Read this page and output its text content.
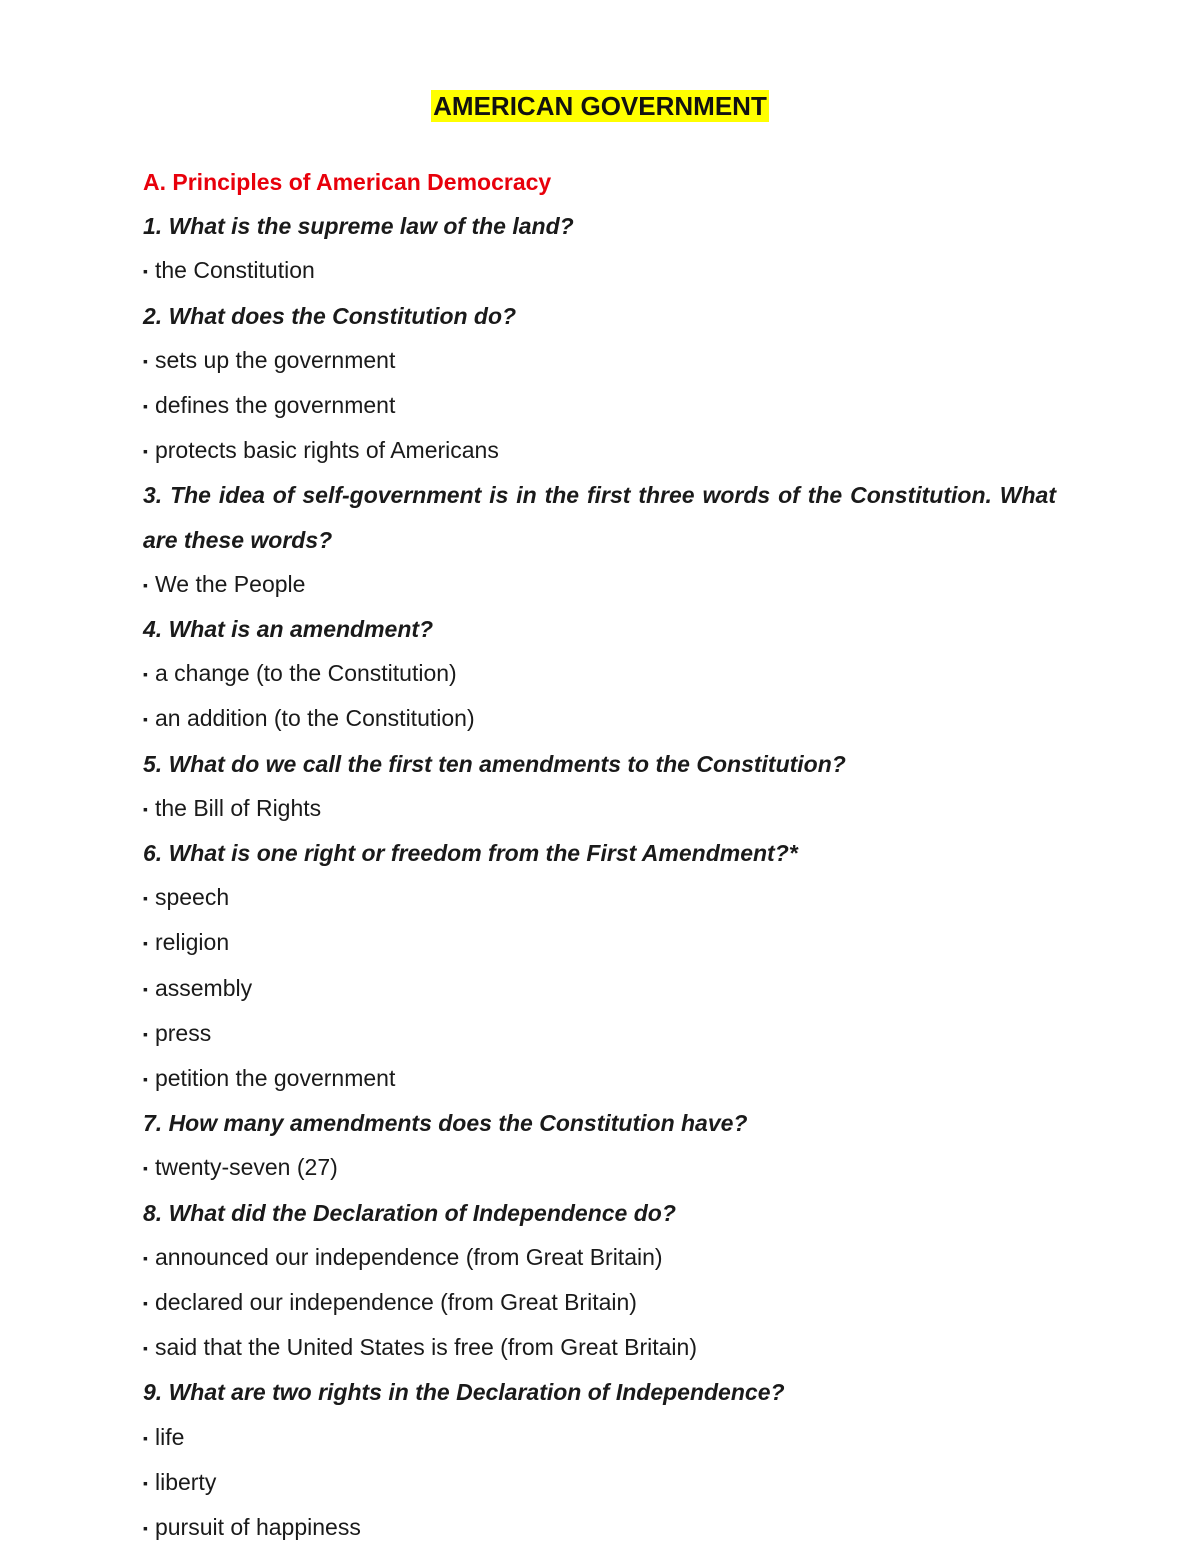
AMERICAN GOVERNMENT
A. Principles of American Democracy
1. What is the supreme law of the land?
▪ the Constitution
2. What does the Constitution do?
▪ sets up the government
▪ defines the government
▪ protects basic rights of Americans
3. The idea of self-government is in the first three words of the Constitution. What are these words?
▪ We the People
4. What is an amendment?
▪ a change (to the Constitution)
▪ an addition (to the Constitution)
5. What do we call the first ten amendments to the Constitution?
▪ the Bill of Rights
6. What is one right or freedom from the First Amendment?*
▪ speech
▪ religion
▪ assembly
▪ press
▪ petition the government
7. How many amendments does the Constitution have?
▪ twenty-seven (27)
8. What did the Declaration of Independence do?
▪ announced our independence (from Great Britain)
▪ declared our independence (from Great Britain)
▪ said that the United States is free (from Great Britain)
9. What are two rights in the Declaration of Independence?
▪ life
▪ liberty
▪ pursuit of happiness
